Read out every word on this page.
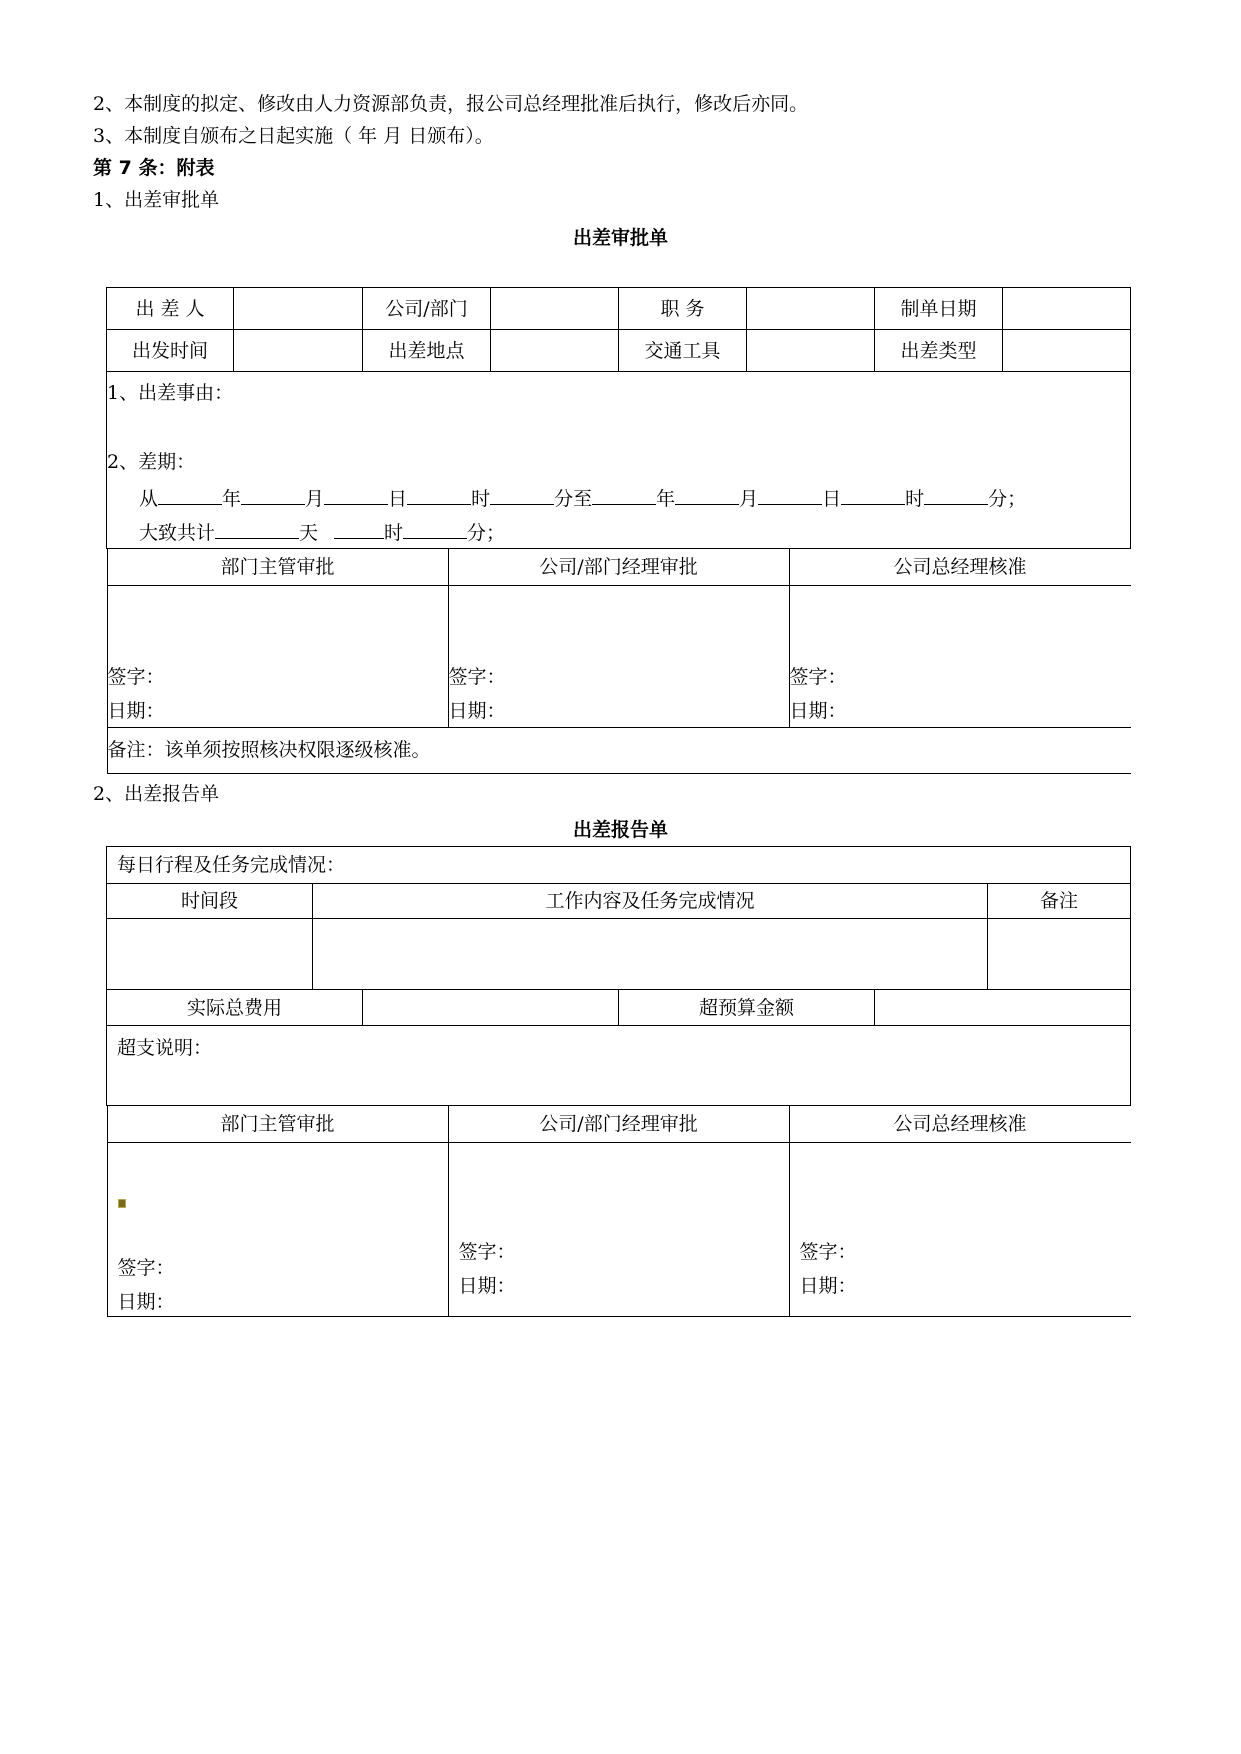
2、本制度的拟定、修改由人力资源部负责，报公司总经理批准后执行，修改后亦同。
3、本制度自颁布之日起实施（ 年 月 日颁布）。
第 7 条：附表
1、出差审批单
出差审批单
出 差 人		公司/部门		职 务		制单日期	
出发时间		出差地点		交通工具		出差类型	

1、出差事由：
2、差期：
从	年	月	日	时	分至	年	月	日	时	分；
大致共计	天	时	分；

部门主管审批	公司/部门经理审批	公司总经理核准

签字：
日期：

签字：
日期：

签字：
日期：

备注：该单须按照核决权限逐级核准。
2、出差报告单
出差报告单
每日行程及任务完成情况：
时间段	工作内容及任务完成情况	备注

实际总费用		超预算金额	
超支说明：

部门主管审批	公司/部门经理审批	公司总经理核准

签字：
日期：

签字：
日期：

签字：
日期：
